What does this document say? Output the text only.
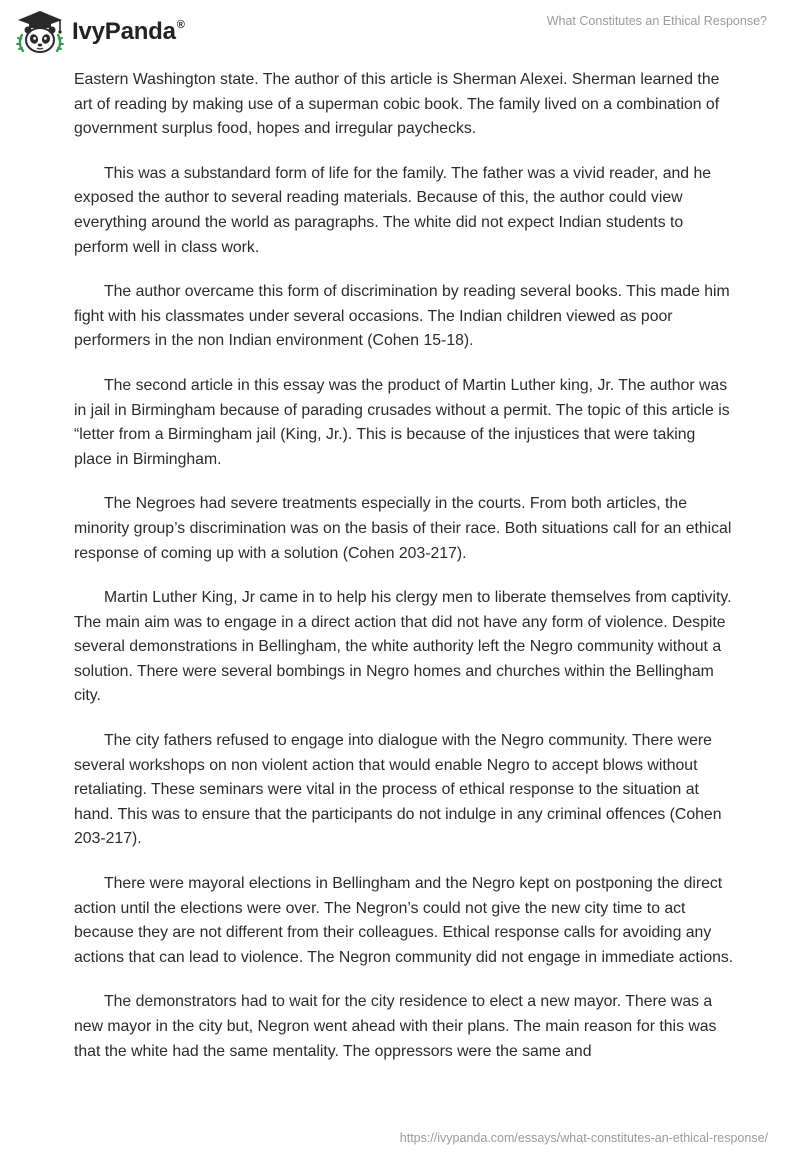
IvyPanda®	What Constitutes an Ethical Response?

Eastern Washington state. The author of this article is Sherman Alexei. Sherman learned the art of reading by making use of a superman cobic book. The family lived on a combination of government surplus food, hopes and irregular paychecks.

This was a substandard form of life for the family. The father was a vivid reader, and he exposed the author to several reading materials. Because of this, the author could view everything around the world as paragraphs. The white did not expect Indian students to perform well in class work.

The author overcame this form of discrimination by reading several books. This made him fight with his classmates under several occasions. The Indian children viewed as poor performers in the non Indian environment (Cohen 15-18).

The second article in this essay was the product of Martin Luther king, Jr. The author was in jail in Birmingham because of parading crusades without a permit. The topic of this article is “letter from a Birmingham jail (King, Jr.). This is because of the injustices that were taking place in Birmingham.

The Negroes had severe treatments especially in the courts. From both articles, the minority group’s discrimination was on the basis of their race. Both situations call for an ethical response of coming up with a solution (Cohen 203-217).

Martin Luther King, Jr came in to help his clergy men to liberate themselves from captivity. The main aim was to engage in a direct action that did not have any form of violence. Despite several demonstrations in Bellingham, the white authority left the Negro community without a solution. There were several bombings in Negro homes and churches within the Bellingham city.

The city fathers refused to engage into dialogue with the Negro community. There were several workshops on non violent action that would enable Negro to accept blows without retaliating. These seminars were vital in the process of ethical response to the situation at hand. This was to ensure that the participants do not indulge in any criminal offences (Cohen 203-217).

There were mayoral elections in Bellingham and the Negro kept on postponing the direct action until the elections were over. The Negron’s could not give the new city time to act because they are not different from their colleagues. Ethical response calls for avoiding any actions that can lead to violence. The Negron community did not engage in immediate actions.

The demonstrators had to wait for the city residence to elect a new mayor. There was a new mayor in the city but, Negron went ahead with their plans. The main reason for this was that the white had the same mentality. The oppressors were the same and

https://ivypanda.com/essays/what-constitutes-an-ethical-response/
